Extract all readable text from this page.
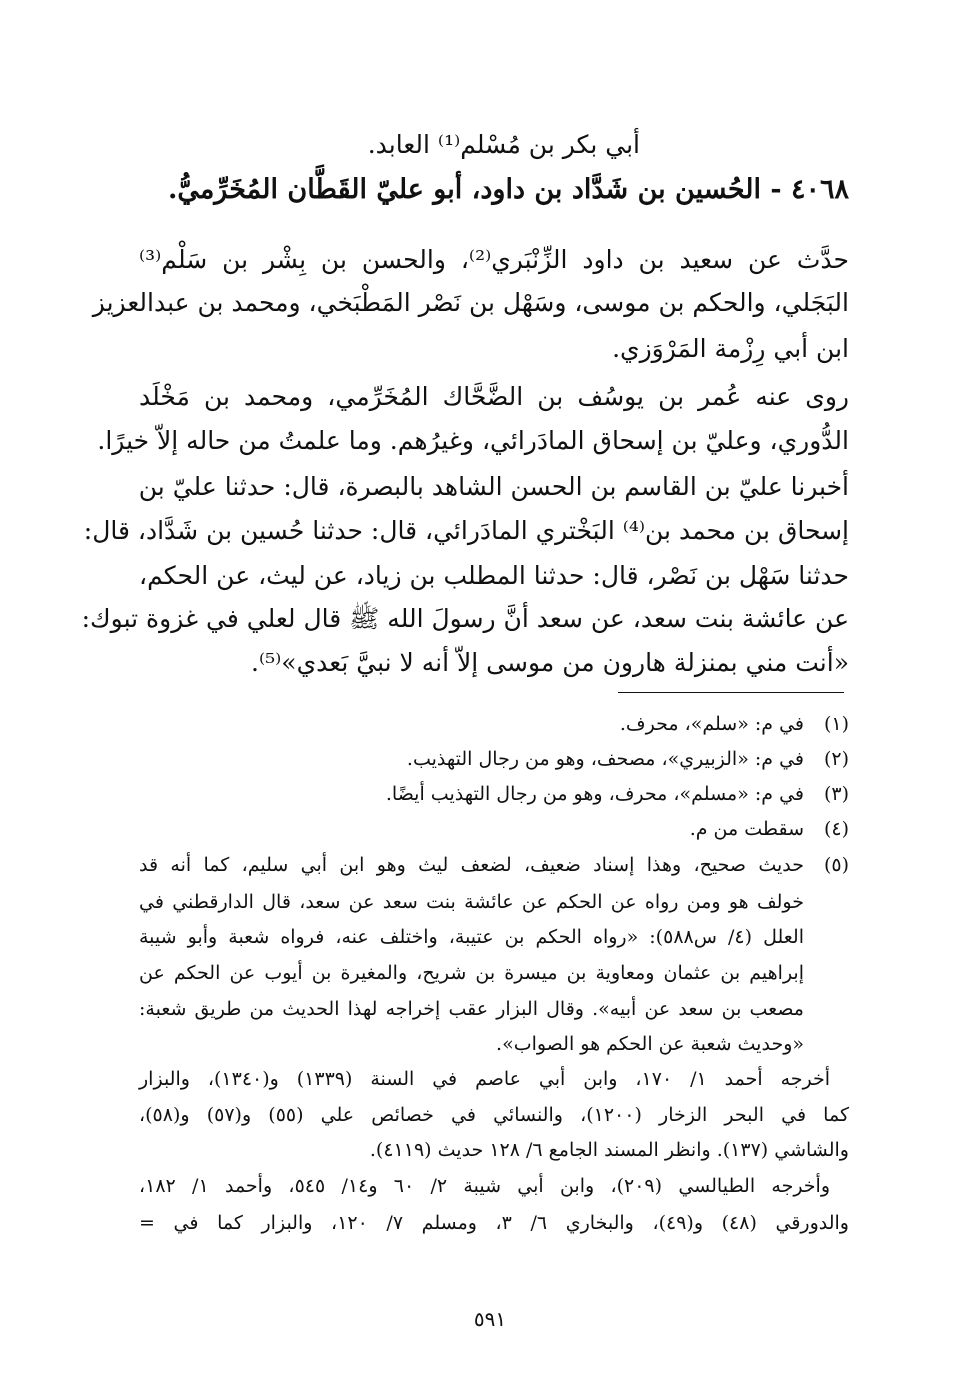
أبي بكر بن مُسْلم⁽¹⁾ العابد.
٤٠٦٨ - الحُسين بن شَدَّاد بن داود، أبو عليّ القَطَّان المُخَرِّميُّ.
حدَّث عن سعيد بن داود الزِّنْبَري⁽²⁾، والحسن بن بِشْر بن سَلْم⁽³⁾
البَجَلي، والحكم بن موسى، وسَهْل بن نَصْر المَطْبَخي، ومحمد بن عبدالعزيز
ابن أبي رِزْمة المَرْوَزي.
روى عنه عُمر بن يوسُف بن الضَّحَّاك المُخَرِّمي، ومحمد بن مَخْلَد
الدُّوري، وعليّ بن إسحاق المادَرائي، وغيرُهم. وما علمتُ من حاله إلاّ خيرًا.
أخبرنا عليّ بن القاسم بن الحسن الشاهد بالبصرة، قال: حدثنا عليّ بن
إسحاق بن محمد بن⁽⁴⁾ البَخْتري المادَرائي، قال: حدثنا حُسين بن شَدَّاد، قال:
حدثنا سَهْل بن نَصْر، قال: حدثنا المطلب بن زياد، عن ليث، عن الحكم،
عن عائشة بنت سعد، عن سعد أنَّ رسولَ الله ﷺ قال لعلي في غزوة تبوك:
«أنت مني بمنزلة هارون من موسى إلاّ أنه لا نبيَّ بَعدي»⁽⁵⁾.
(١)
في م: «سلم»، محرف.
(٢)
في م: «الزبيري»، مصحف، وهو من رجال التهذيب.
(٣)
في م: «مسلم»، محرف، وهو من رجال التهذيب أيضًا.
(٤)
سقطت من م.
(٥)
حديث صحيح، وهذا إسناد ضعيف، لضعف ليث وهو ابن أبي سليم، كما أنه قد
خولف هو ومن رواه عن الحكم عن عائشة بنت سعد عن سعد، قال الدارقطني في
العلل (٤/ س٥٨٨): «رواه الحكم بن عتيبة، واختلف عنه، فرواه شعبة وأبو شيبة
إبراهيم بن عثمان ومعاوية بن ميسرة بن شريح، والمغيرة بن أيوب عن الحكم عن
مصعب بن سعد عن أبيه». وقال البزار عقب إخراجه لهذا الحديث من طريق شعبة:
«وحديث شعبة عن الحكم هو الصواب».
أخرجه أحمد ١/ ١٧٠، وابن أبي عاصم في السنة (١٣٣٩) و(١٣٤٠)، والبزار
كما في البحر الزخار (١٢٠٠)، والنسائي في خصائص علي (٥٥) و(٥٧) و(٥٨)،
والشاشي (١٣٧). وانظر المسند الجامع ٦/ ١٢٨ حديث (٤١١٩).
وأخرجه الطيالسي (٢٠٩)، وابن أبي شيبة ٢/ ٦٠ و١٤/ ٥٤٥، وأحمد ١/ ١٨٢،
والدورقي (٤٨) و(٤٩)، والبخاري ٦/ ٣، ومسلم ٧/ ١٢٠، والبزار كما في =
٥٩١
